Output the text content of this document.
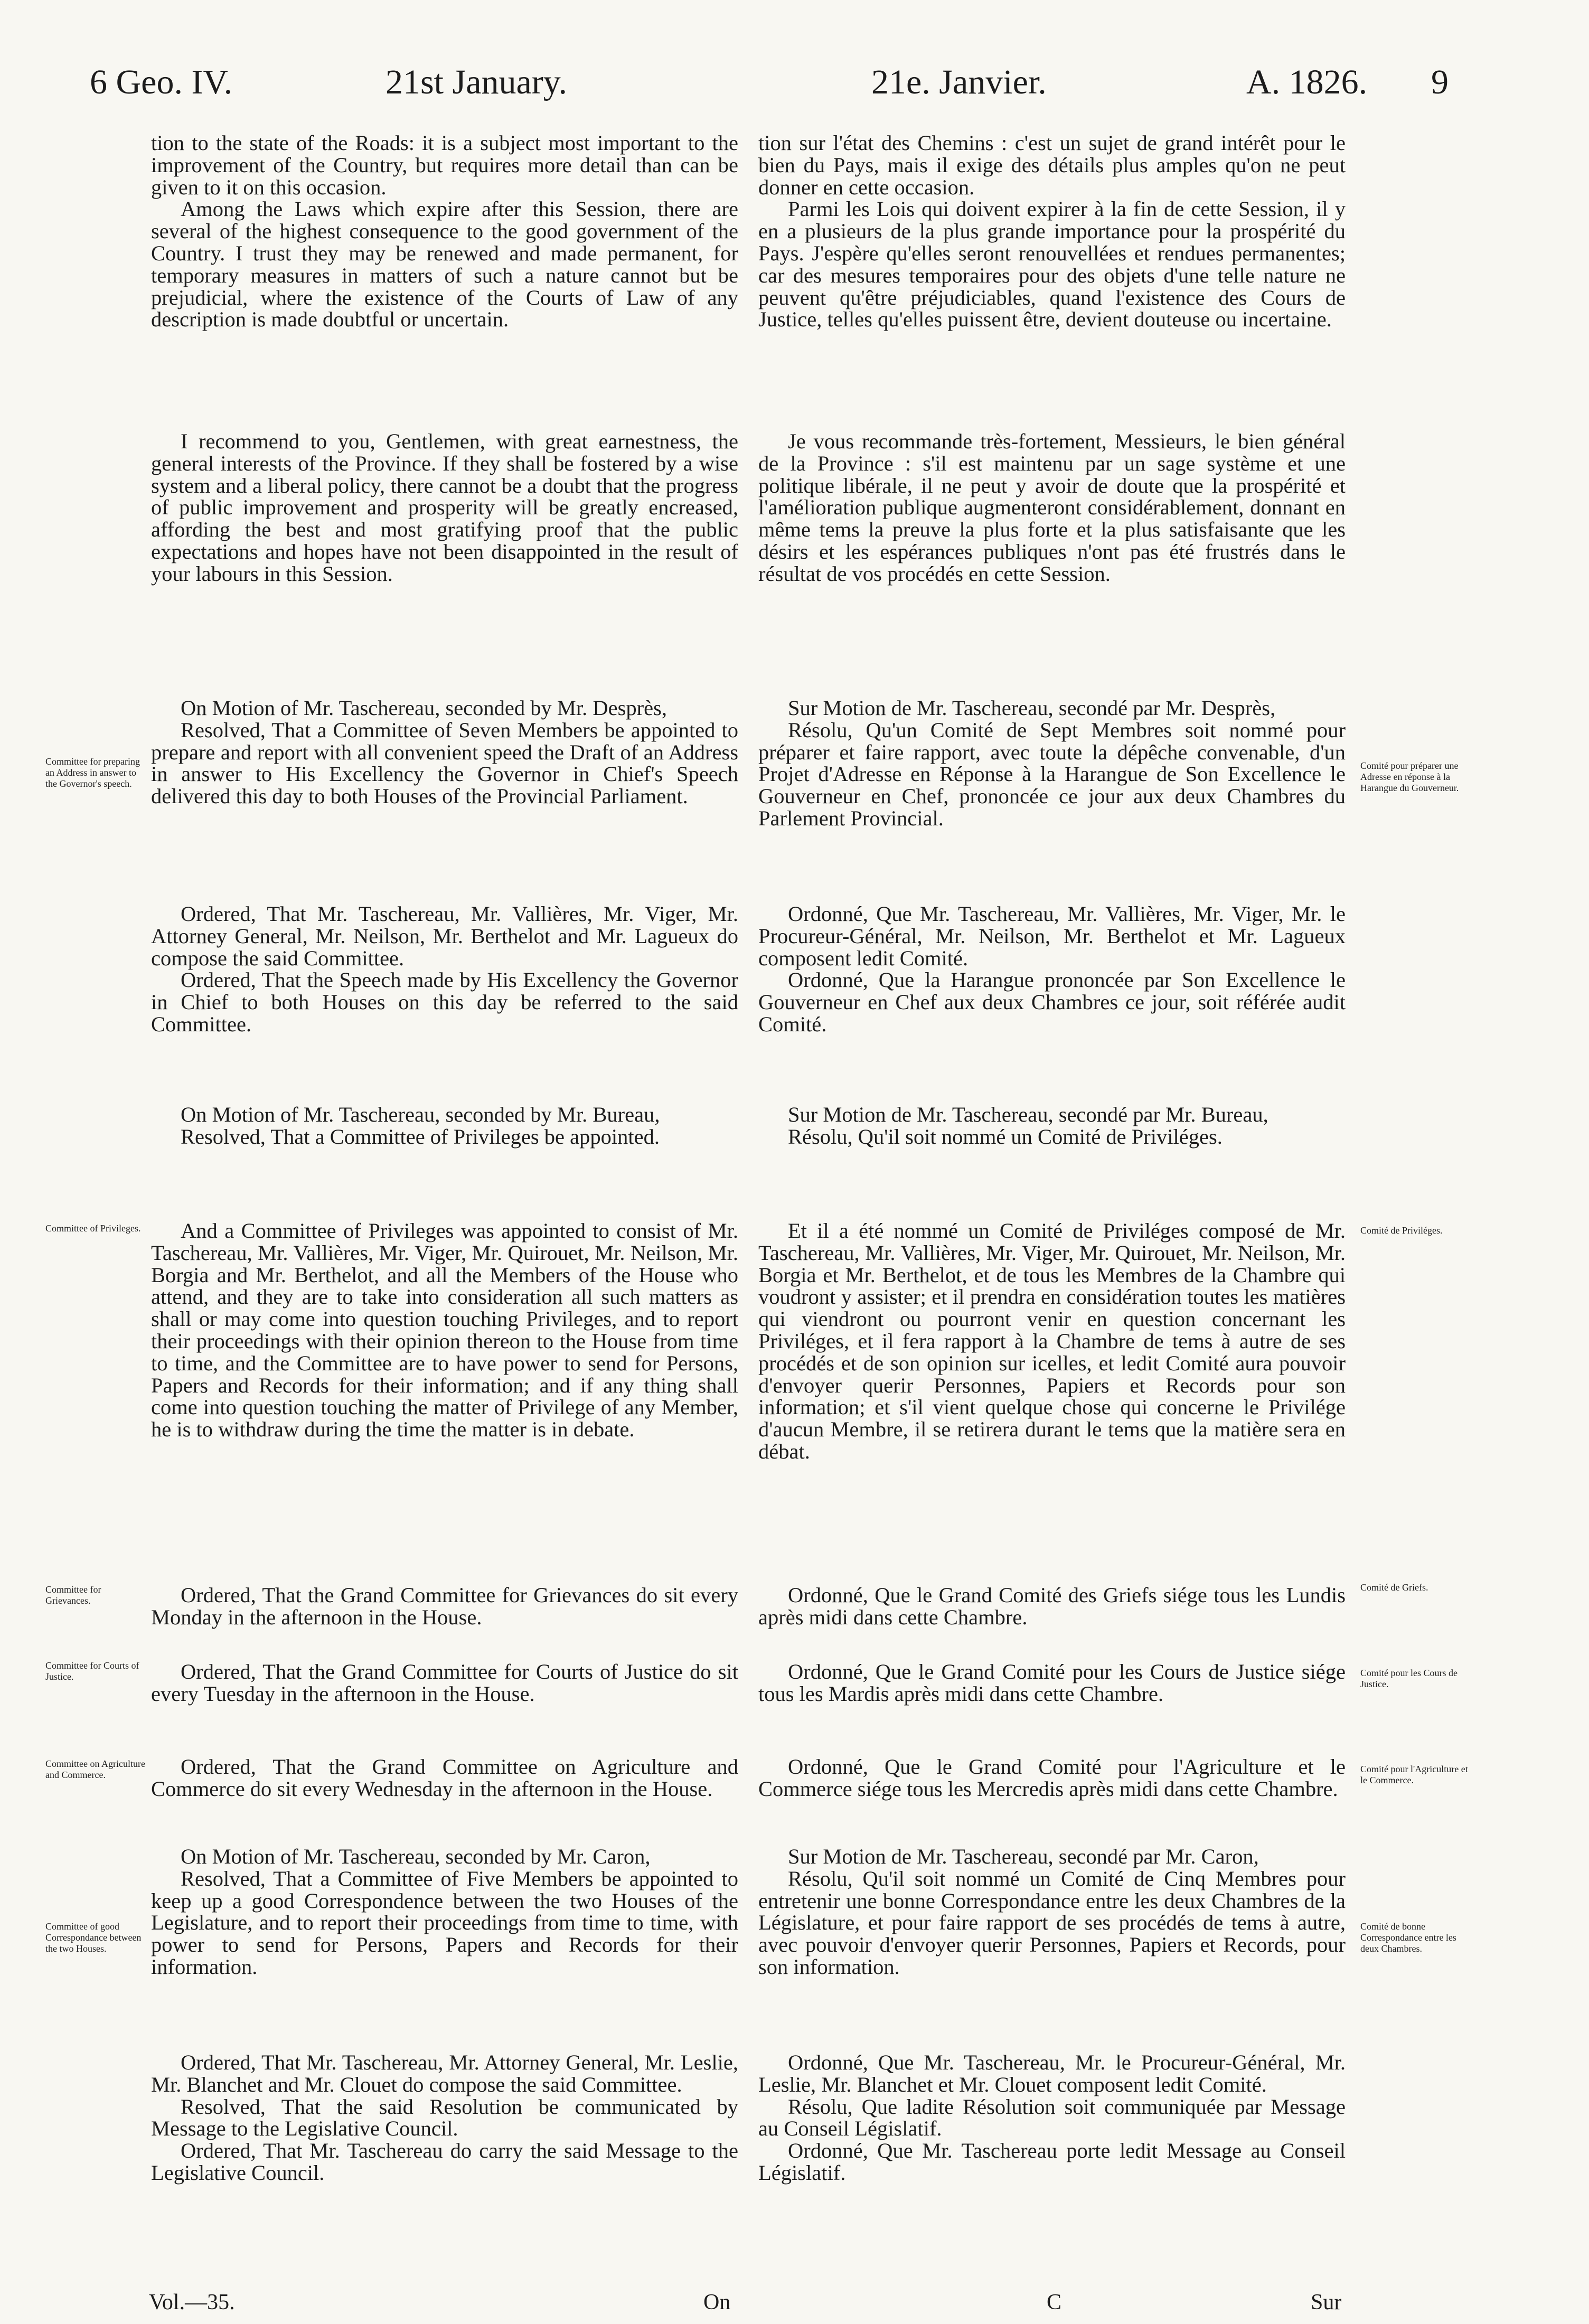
6 Geo. IV.	21st January.	21e. Janvier.	A. 1826. 9

tion to the state of the Roads: it is a subject most important to the improvement of the Country, but requires more detail than can be given to it on this occasion.

Among the Laws which expire after this Session, there are several of the highest consequence to the good government of the Country. I trust they may be renewed and made permanent, for temporary measures in matters of such a nature cannot but be prejudicial, where the existence of the Courts of Law of any description is made doubtful or uncertain.

I recommend to you, Gentlemen, with great earnestness, the general interests of the Province. If they shall be fostered by a wise system and a liberal policy, there cannot be a doubt that the progress of public improvement and prosperity will be greatly encreased, affording the best and most gratifying proof that the public expectations and hopes have not been disappointed in the result of your labours in this Session.

On Motion of Mr. Taschereau, seconded by Mr. Desprès,

Resolved, That a Committee of Seven Members be appointed to prepare and report with all convenient speed the Draft of an Address in answer to His Excellency the Governor in Chief's Speech delivered this day to both Houses of the Provincial Parliament.

Ordered, That Mr. Taschereau, Mr. Vallières, Mr. Viger, Mr. Attorney General, Mr. Neilson, Mr. Berthelot and Mr. Lagueux do compose the said Committee.

Ordered, That the Speech made by His Excellency the Governor in Chief to both Houses on this day be referred to the said Committee.

On Motion of Mr. Taschereau, seconded by Mr. Bureau,

Resolved, That a Committee of Privileges be appointed.

And a Committee of Privileges was appointed to consist of Mr. Taschereau, Mr. Vallières, Mr. Viger, Mr. Quirouet, Mr. Neilson, Mr. Borgia and Mr. Berthelot, and all the Members of the House who attend, and they are to take into consideration all such matters as shall or may come into question touching Privileges, and to report their proceedings with their opinion thereon to the House from time to time, and the Committee are to have power to send for Persons, Papers and Records for their information; and if any thing shall come into question touching the matter of Privilege of any Member, he is to withdraw during the time the matter is in debate.

Ordered, That the Grand Committee for Grievances do sit every Monday in the afternoon in the House.

Ordered, That the Grand Committee for Courts of Justice do sit every Tuesday in the afternoon in the House.

Ordered, That the Grand Committee on Agriculture and Commerce do sit every Wednesday in the afternoon in the House.

On Motion of Mr. Taschereau, seconded by Mr. Caron,

Resolved, That a Committee of Five Members be appointed to keep up a good Correspondence between the two Houses of the Legislature, and to report their proceedings from time to time, with power to send for Persons, Papers and Records for their information.

Ordered, That Mr. Taschereau, Mr. Attorney General, Mr. Leslie, Mr. Blanchet and Mr. Clouet do compose the said Committee.

Resolved, That the said Resolution be communicated by Message to the Legislative Council.

Ordered, That Mr. Taschereau do carry the said Message to the Legislative Council.

tion sur l'état des Chemins : c'est un sujet de grand intérêt pour le bien du Pays, mais il exige des détails plus amples qu'on ne peut donner en cette occasion.

Parmi les Lois qui doivent expirer à la fin de cette Session, il y en a plusieurs de la plus grande importance pour la prospérité du Pays. J'espère qu'elles seront renouvellées et rendues permanentes; car des mesures temporaires pour des objets d'une telle nature ne peuvent qu'être préjudiciables, quand l'existence des Cours de Justice, telles qu'elles puissent être, devient douteuse ou incertaine.

Je vous recommande très-fortement, Messieurs, le bien général de la Province : s'il est maintenu par un sage système et une politique libérale, il ne peut y avoir de doute que la prospérité et l'amélioration publique augmenteront considérablement, donnant en même tems la preuve la plus forte et la plus satisfaisante que les désirs et les espérances publiques n'ont pas été frustrés dans le résultat de vos procédés en cette Session.

Sur Motion de Mr. Taschereau, secondé par Mr. Desprès,

Résolu, Qu'un Comité de Sept Membres soit nommé pour préparer et faire rapport, avec toute la dépêche convenable, d'un Projet d'Adresse en Réponse à la Harangue de Son Excellence le Gouverneur en Chef, prononcée ce jour aux deux Chambres du Parlement Provincial.

Ordonné, Que Mr. Taschereau, Mr. Vallières, Mr. Viger, Mr. le Procureur-Général, Mr. Neilson, Mr. Berthelot et Mr. Lagueux composent ledit Comité.

Ordonné, Que la Harangue prononcée par Son Excellence le Gouverneur en Chef aux deux Chambres ce jour, soit référée audit Comité.

Sur Motion de Mr. Taschereau, secondé par Mr. Bureau,

Résolu, Qu'il soit nommé un Comité de Priviléges.

Et il a été nommé un Comité de Priviléges composé de Mr. Taschereau, Mr. Vallières, Mr. Viger, Mr. Quirouet, Mr. Neilson, Mr. Borgia et Mr. Berthelot, et de tous les Membres de la Chambre qui voudront y assister; et il prendra en considération toutes les matières qui viendront ou pourront venir en question concernant les Priviléges, et il fera rapport à la Chambre de tems à autre de ses procédés et de son opinion sur icelles, et ledit Comité aura pouvoir d'envoyer querir Personnes, Papiers et Records pour son information; et s'il vient quelque chose qui concerne le Privilége d'aucun Membre, il se retirera durant le tems que la matière sera en débat.

Ordonné, Que le Grand Comité des Griefs siége tous les Lundis après midi dans cette Chambre.

Ordonné, Que le Grand Comité pour les Cours de Justice siége tous les Mardis après midi dans cette Chambre.

Ordonné, Que le Grand Comité pour l'Agriculture et le Commerce siége tous les Mercredis après midi dans cette Chambre.

Sur Motion de Mr. Taschereau, secondé par Mr. Caron,

Résolu, Qu'il soit nommé un Comité de Cinq Membres pour entretenir une bonne Correspondance entre les deux Chambres de la Législature, et pour faire rapport de ses procédés de tems à autre, avec pouvoir d'envoyer querir Personnes, Papiers et Records, pour son information.

Ordonné, Que Mr. Taschereau, Mr. le Procureur-Général, Mr. Leslie, Mr. Blanchet et Mr. Clouet composent ledit Comité.

Résolu, Que ladite Résolution soit communiquée par Message au Conseil Législatif.

Ordonné, Que Mr. Taschereau porte ledit Message au Conseil Législatif.

Committee for preparing an Address in answer to the Governor's speech.
Committee of Privileges.
Committee for Grievances.
Committee for Courts of Justice.
Committee on Agriculture and Commerce.
Committee of good Correspondance between the two Houses.
Comité pour préparer une Adresse en réponse à la Harangue du Gouverneur.
Comité de Priviléges.
Comité de Griefs.
Comité pour les Cours de Justice.
Comité pour l'Agriculture et le Commerce.
Comité de bonne Correspondance entre les deux Chambres.
Vol.—35.	On	C	Sur
